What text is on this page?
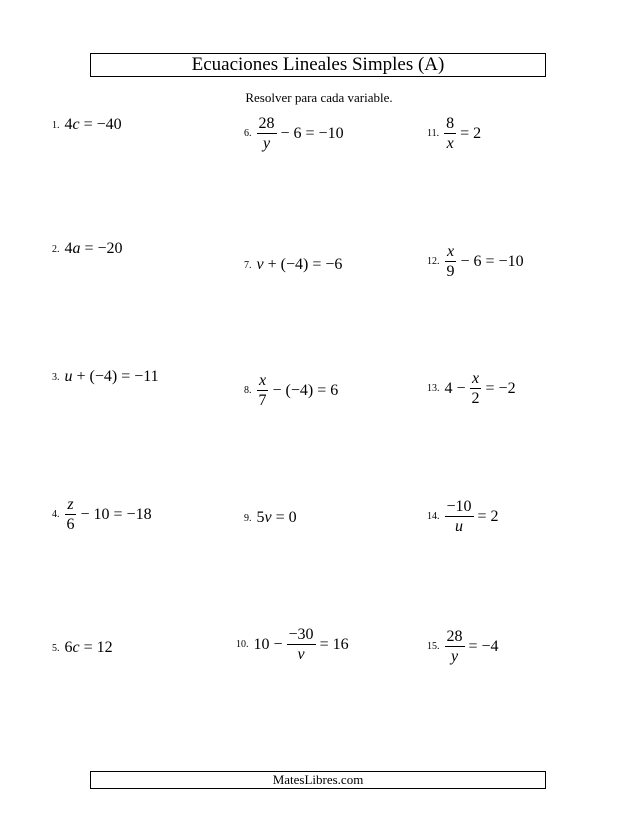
Ecuaciones Lineales Simples (A)
Resolver para cada variable.
1. 4 c = −40
2. 4 a = −20
3. u + (−4) = −11
4. $\frac{z}{6} - 10 = -18$
5. 6 c = 12
6. $\frac{28}{y} - 6 = -10$
7. v + (−4) = −6
8. $\frac{x}{7} - (-4) = 6$
9. 5 v = 0
10. $10 - \frac{-30}{v} = 16$
11. $\frac{8}{x} = 2$
12. $\frac{x}{9} - 6 = -10$
13. $4 - \frac{x}{2} = -2$
14. $\frac{-10}{u} = 2$
15. $\frac{28}{y} = -4$
MatesLibres.com
